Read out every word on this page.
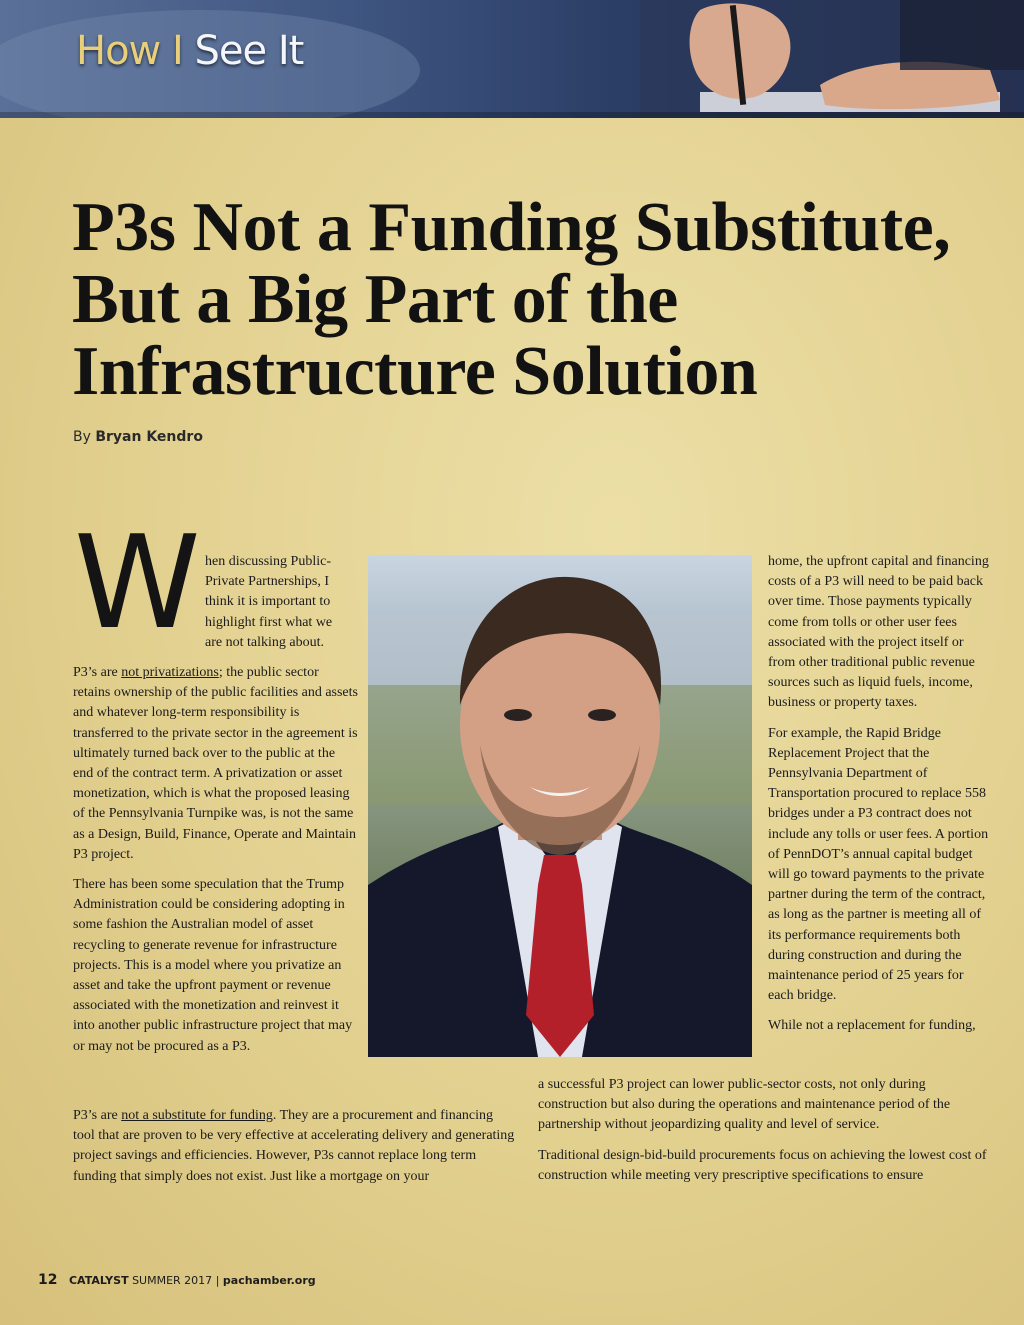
How I See It
P3s Not a Funding Substitute,
But a Big Part of the
Infrastructure Solution
By Bryan Kendro
W hen discussing Public-
Private Partnerships, I
think it is important to
highlight first what we
are not talking about.

P3’s are not privatizations; the public sector retains ownership of the public facilities and assets and whatever long-term responsibility is transferred to the private sector in the agreement is ultimately turned back over to the public at the end of the contract term. A privatization or asset monetization, which is what the proposed leasing of the Pennsylvania Turnpike was, is not the same as a Design, Build, Finance, Operate and Maintain P3 project.

There has been some speculation that the Trump Administration could be considering adopting in some fashion the Australian model of asset recycling to generate revenue for infrastructure projects. This is a model where you privatize an asset and take the upfront payment or revenue associated with the monetization and reinvest it into another public infrastructure project that may or may not be procured as a P3.

P3’s are not a substitute for funding. They are a procurement and financing tool that are proven to be very effective at accelerating delivery and generating project savings and efficiencies. However, P3s cannot replace long term funding that simply does not exist. Just like a mortgage on your

home, the upfront capital and financing costs of a P3 will need to be paid back over time. Those payments typically come from tolls or other user fees associated with the project itself or from other traditional public revenue sources such as liquid fuels, income, business or property taxes.

For example, the Rapid Bridge Replacement Project that the Pennsylvania Department of Transportation procured to replace 558 bridges under a P3 contract does not include any tolls or user fees. A portion of PennDOT’s annual capital budget will go toward payments to the private partner during the term of the contract, as long as the partner is meeting all of its performance requirements both during construction and during the maintenance period of 25 years for each bridge.

While not a replacement for funding,

a successful P3 project can lower public-sector costs, not only during construction but also during the operations and maintenance period of the partnership without jeopardizing quality and level of service.

Traditional design-bid-build procurements focus on achieving the lowest cost of construction while meeting very prescriptive specifications to ensure

12 CATALYST SUMMER 2017 | pachamber.org
